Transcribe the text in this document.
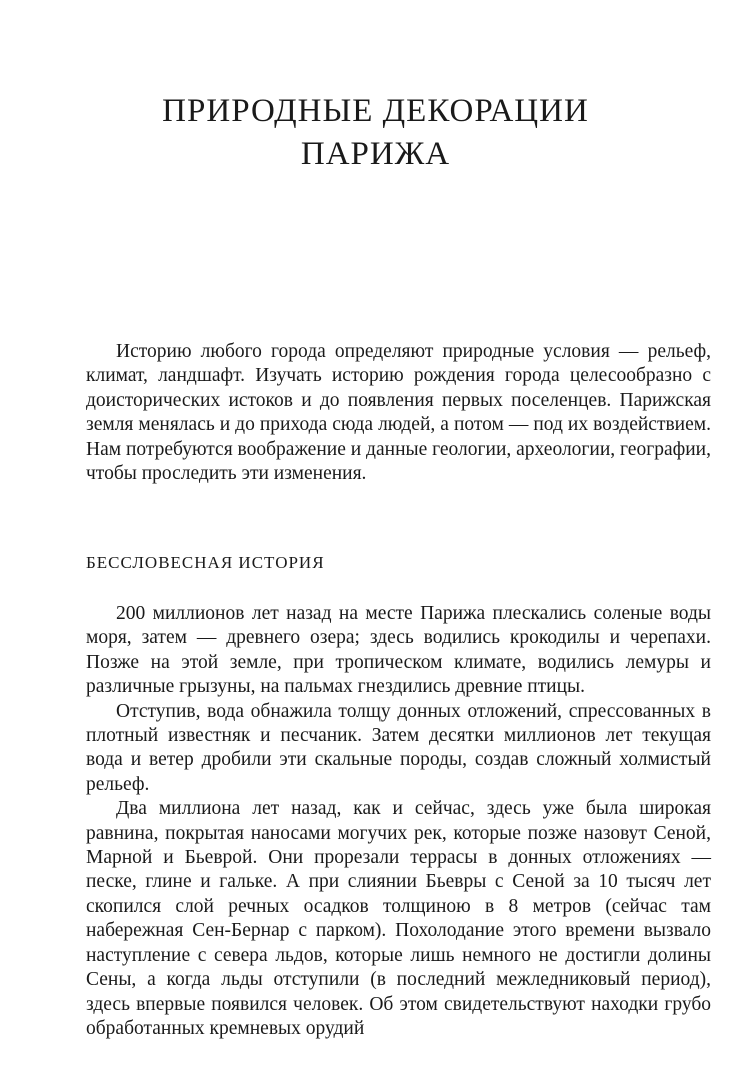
ПРИРОДНЫЕ ДЕКОРАЦИИ
ПАРИЖА

Историю любого города определяют природные условия — рельеф, климат, ландшафт. Изучать историю рождения города целесообразно с доисторических истоков и до появления первых поселенцев. Парижская земля менялась и до прихода сюда людей, а потом — под их воздействием. Нам потребуются воображение и данные геологии, археологии, географии, чтобы проследить эти изменения.

БЕССЛОВЕСНАЯ ИСТОРИЯ

200 миллионов лет назад на месте Парижа плескались соленые воды моря, затем — древнего озера; здесь водились крокодилы и черепахи. Позже на этой земле, при тропическом климате, водились лемуры и различные грызуны, на пальмах гнездились древние птицы.

Отступив, вода обнажила толщу донных отложений, спрессованных в плотный известняк и песчаник. Затем десятки миллионов лет текущая вода и ветер дробили эти скальные породы, создав сложный холмистый рельеф.

Два миллиона лет назад, как и сейчас, здесь уже была широкая равнина, покрытая наносами могучих рек, которые позже назовут Сеной, Марной и Бьеврой. Они прорезали террасы в донных отложениях — песке, глине и гальке. А при слиянии Бьевры с Сеной за 10 тысяч лет скопился слой речных осадков толщиною в 8 метров (сейчас там набережная Сен-Бернар с парком). Похолодание этого времени вызвало наступление с севера льдов, которые лишь немного не достигли долины Сены, а когда льды отступили (в последний межледниковый период), здесь впервые появился человек. Об этом свидетельствуют находки грубо обработанных кремневых орудий
